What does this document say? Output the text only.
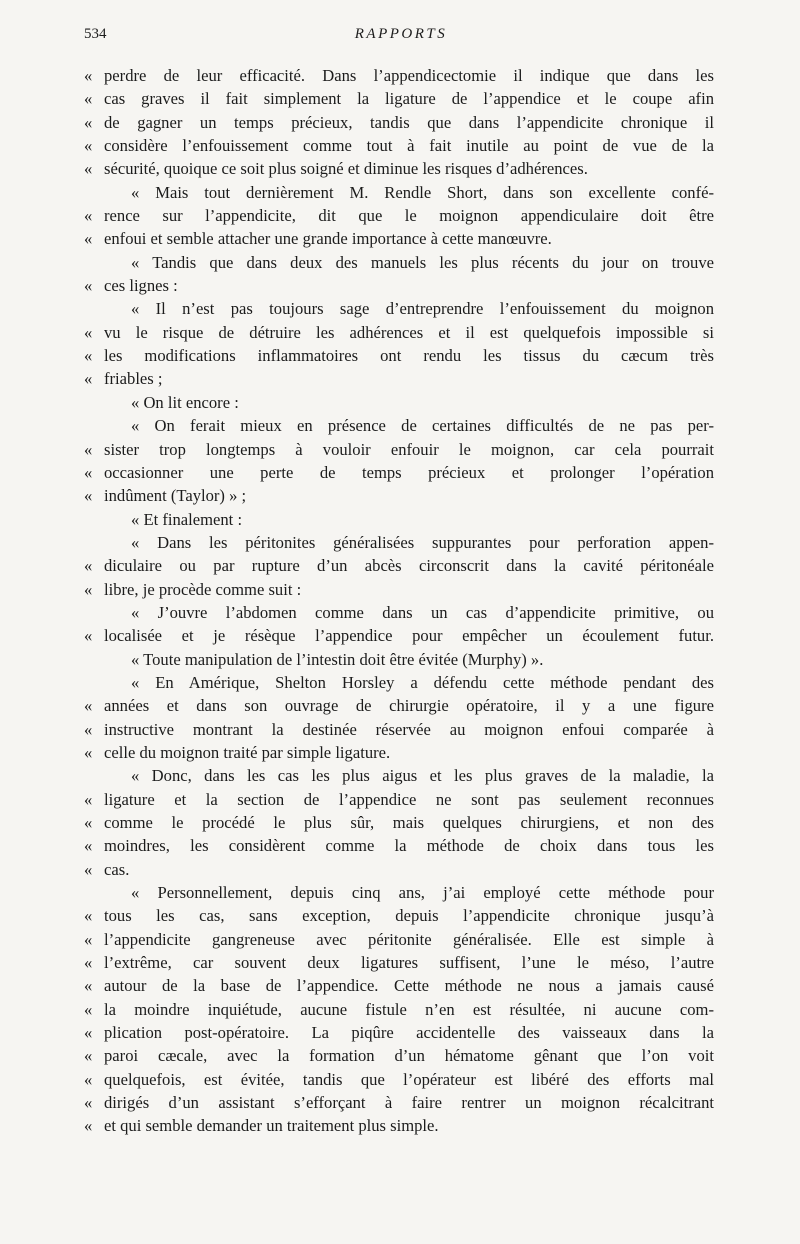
534	RAPPORTS
« perdre de leur efficacité. Dans l’appendicectomie il indique que dans les
« cas graves il fait simplement la ligature de l’appendice et le coupe afin
« de gagner un temps précieux, tandis que dans l’appendicite chronique il
« considère l’enfouissement comme tout à fait inutile au point de vue de la
« sécurité, quoique ce soit plus soigné et diminue les risques d’adhérences.
« Mais tout dernièrement M. Rendle Short, dans son excellente confé-
« rence sur l’appendicite, dit que le moignon appendiculaire doit être
« enfoui et semble attacher une grande importance à cette manœuvre.
« Tandis que dans deux des manuels les plus récents du jour on trouve
« ces lignes :
« Il n’est pas toujours sage d’entreprendre l’enfouissement du moignon
« vu le risque de détruire les adhérences et il est quelquefois impossible si
« les modifications inflammatoires ont rendu les tissus du cæcum très
« friables ;
« On lit encore :
« On ferait mieux en présence de certaines difficultés de ne pas per-
« sister trop longtemps à vouloir enfouir le moignon, car cela pourrait
« occasionner une perte de temps précieux et prolonger l’opération
« indûment (Taylor) » ;
« Et finalement :
« Dans les péritonites généralisées suppurantes pour perforation appen-
« diculaire ou par rupture d’un abcès circonscrit dans la cavité péritonéale
« libre, je procède comme suit :
« J’ouvre l’abdomen comme dans un cas d’appendicite primitive, ou
« localisée et je résèque l’appendice pour empêcher un écoulement futur.
« Toute manipulation de l’intestin doit être évitée (Murphy) ».
« En Amérique, Shelton Horsley a défendu cette méthode pendant des
« années et dans son ouvrage de chirurgie opératoire, il y a une figure
« instructive montrant la destinée réservée au moignon enfoui comparée à
« celle du moignon traité par simple ligature.
« Donc, dans les cas les plus aigus et les plus graves de la maladie, la
« ligature et la section de l’appendice ne sont pas seulement reconnues
« comme le procédé le plus sûr, mais quelques chirurgiens, et non des
« moindres, les considèrent comme la méthode de choix dans tous les
« cas.
« Personnellement, depuis cinq ans, j’ai employé cette méthode pour
« tous les cas, sans exception, depuis l’appendicite chronique jusqu’à
« l’appendicite gangreneuse avec péritonite généralisée. Elle est simple à
« l’extrême, car souvent deux ligatures suffisent, l’une le méso, l’autre
« autour de la base de l’appendice. Cette méthode ne nous a jamais causé
« la moindre inquiétude, aucune fistule n’en est résultée, ni aucune com-
« plication post-opératoire. La piqûre accidentelle des vaisseaux dans la
« paroi cæcale, avec la formation d’un hématome gênant que l’on voit
« quelquefois, est évitée, tandis que l’opérateur est libéré des efforts mal
« dirigés d’un assistant s’efforçant à faire rentrer un moignon récalcitrant
« et qui semble demander un traitement plus simple.
